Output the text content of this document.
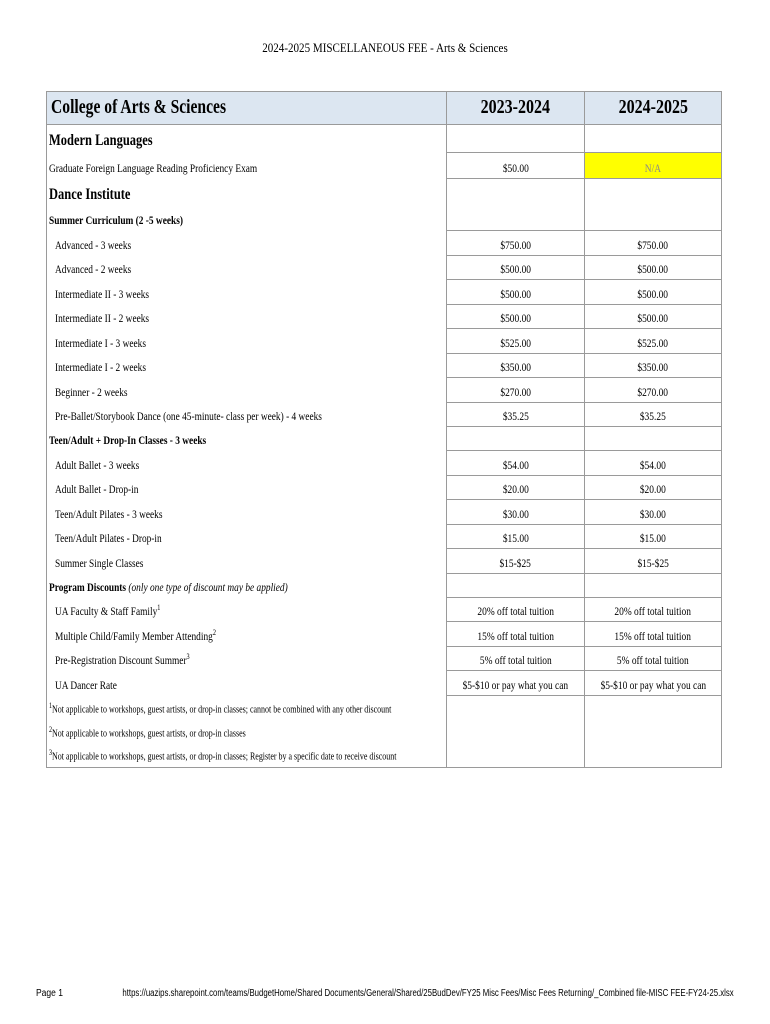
2024-2025 MISCELLANEOUS FEE - Arts & Sciences
College of Arts & Sciences	2023-2024	2024-2025
Modern Languages
Graduate Foreign Language Reading Proficiency Exam	$50.00	N/A
Dance Institute
Summer Curriculum (2 -5 weeks)
Advanced - 3 weeks	$750.00	$750.00
Advanced - 2 weeks	$500.00	$500.00
Intermediate II - 3 weeks	$500.00	$500.00
Intermediate II - 2 weeks	$500.00	$500.00
Intermediate I - 3 weeks	$525.00	$525.00
Intermediate I - 2 weeks	$350.00	$350.00
Beginner - 2 weeks	$270.00	$270.00
Pre-Ballet/Storybook Dance (one 45-minute- class per week) - 4 weeks	$35.25	$35.25
Teen/Adult + Drop-In Classes - 3 weeks
Adult Ballet - 3 weeks	$54.00	$54.00
Adult Ballet - Drop-in	$20.00	$20.00
Teen/Adult Pilates - 3 weeks	$30.00	$30.00
Teen/Adult Pilates - Drop-in	$15.00	$15.00
Summer Single Classes	$15-$25	$15-$25
Program Discounts (only one type of discount may be applied)
UA Faculty & Staff Family$^1$	20% off total tuition	20% off total tuition
Multiple Child/Family Member Attending$^2$	15% off total tuition	15% off total tuition
Pre-Registration Discount Summer$^3$	5% off total tuition	5% off total tuition
UA Dancer Rate	$5-$10 or pay what you can	$5-$10 or pay what you can
$^1$Not applicable to workshops, guest artists, or drop-in classes; cannot be combined with any other discount
$^2$Not applicable to workshops, guest artists, or drop-in classes
$^3$Not applicable to workshops, guest artists, or drop-in classes; Register by a specific date to receive discount
Page 1	https://uazips.sharepoint.com/teams/BudgetHome/Shared Documents/General/Shared/25BudDev/FY25 Misc Fees/Misc Fees Returning/_Combined file-MISC FEE-FY24-25.xlsx
